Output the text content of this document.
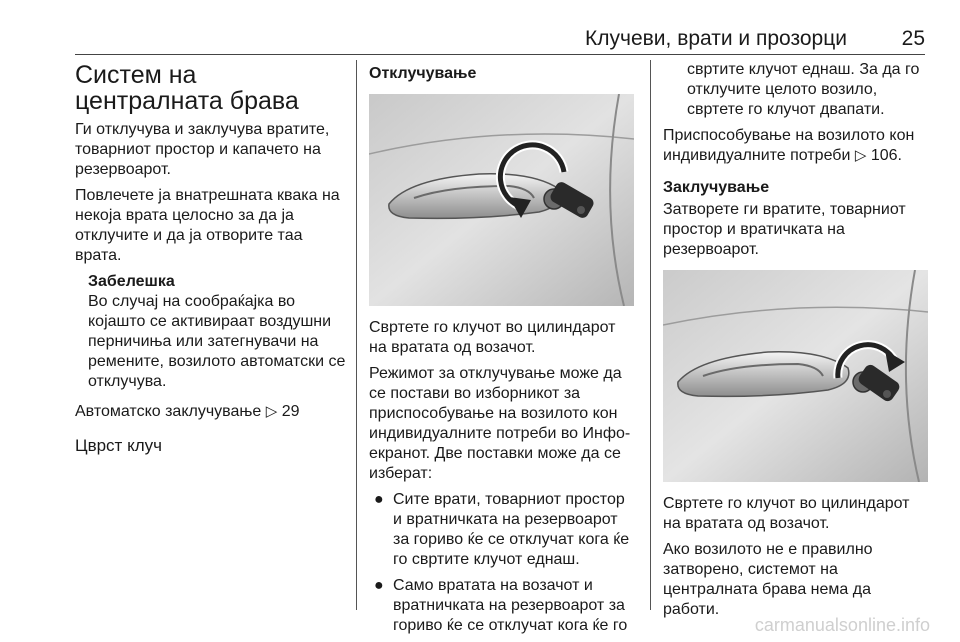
Клучеви, врати и прозорци	25
Систем на централната брава

Ги отклучува и заклучува вратите, товарниот простор и капачето на резервоарот.

Повлечете ја внатрешната квака на некоја врата целосно за да ја отклучите и да ја отворите таа врата.

Забелешка
Во случај на сообраќајка во којашто се активираат воздушни перничиња или затегнувачи на ремените, возилото автоматски се отклучува.

Автоматско заклучување ▷ 29

Цврст клуч
Отклучување

Свртете го клучот во цилиндарот на вратата од возачот.

Режимот за отклучување може да се постави во изборникот за приспособување на возилото кон индивидуалните потреби во Инфо-екранот. Две поставки може да се изберат:

● Сите врати, товарниот простор и вратничката на резервоарот за гориво ќе се отклучат кога ќе го свртите клучот еднаш.
● Само вратата на возачот и вратничката на резервоарот за гориво ќе се отклучат кога ќе го
свртите клучот еднаш. За да го отклучите целото возило, свртете го клучот двапати.

Приспособување на возилото кон индивидуалните потреби ▷ 106.

Заклучување

Затворете ги вратите, товарниот простор и вратичката на резервоарот.

Свртете го клучот во цилиндарот на вратата од возачот.

Ако возилото не е правилно затворено, системот на централната брава нема да работи.

carmanualsonline.info
